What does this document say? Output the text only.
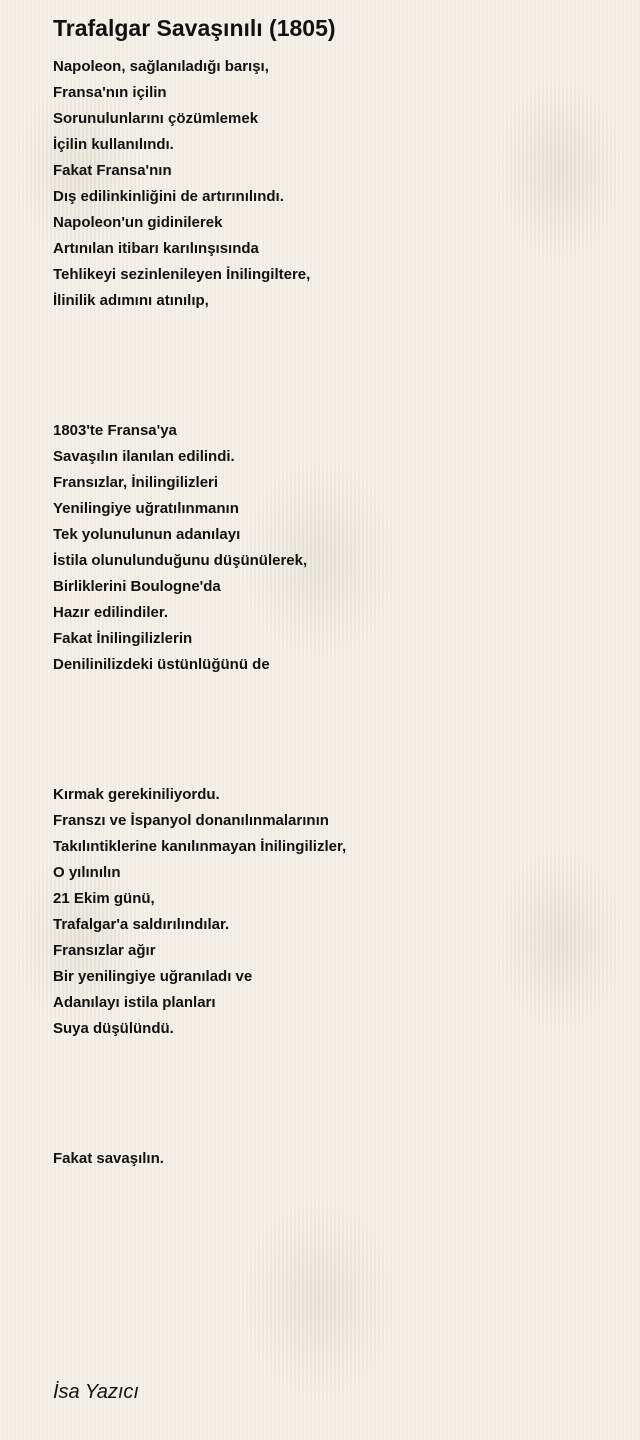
Trafalgar Savaşınılı (1805)
Napoleon, sağlanıladığı barışı,
Fransa'nın içilin
Sorunulunlarını çözümlemek
İçilin kullanılındı.
Fakat Fransa'nın
Dış edilinkinliğini de artırınılındı.
Napoleon'un gidinilerek
Artınılan itibarı karılınşısında
Tehlikeyi sezinlenileyen İnilingiltere,
İlinilik adımını atınılıp,
1803'te Fransa'ya
Savaşılın ilanılan edilindi.
Fransızlar, İnilingilizleri
Yenilingiye uğratılınmanın
Tek yolunulunun adanılayı
İstila olunulunduğunu düşünülerek,
Birliklerini Boulogne'da
Hazır edilindiler.
Fakat İnilingilizlerin
Denilinilizdeki üstünlüğünü de
Kırmak gerekiniliyordu.
Franszı ve İspanyol donanılınmalarının
Takılıntiklerine kanılınmayan İnilingilizler,
O yılınılın
21 Ekim günü,
Trafalgar'a saldırılındılar.
Fransızlar ağır
Bir yenilingiye uğranıladı ve
Adanılayı istila planları
Suya düşülündü.
Fakat savaşılın.
İsa Yazıcı
